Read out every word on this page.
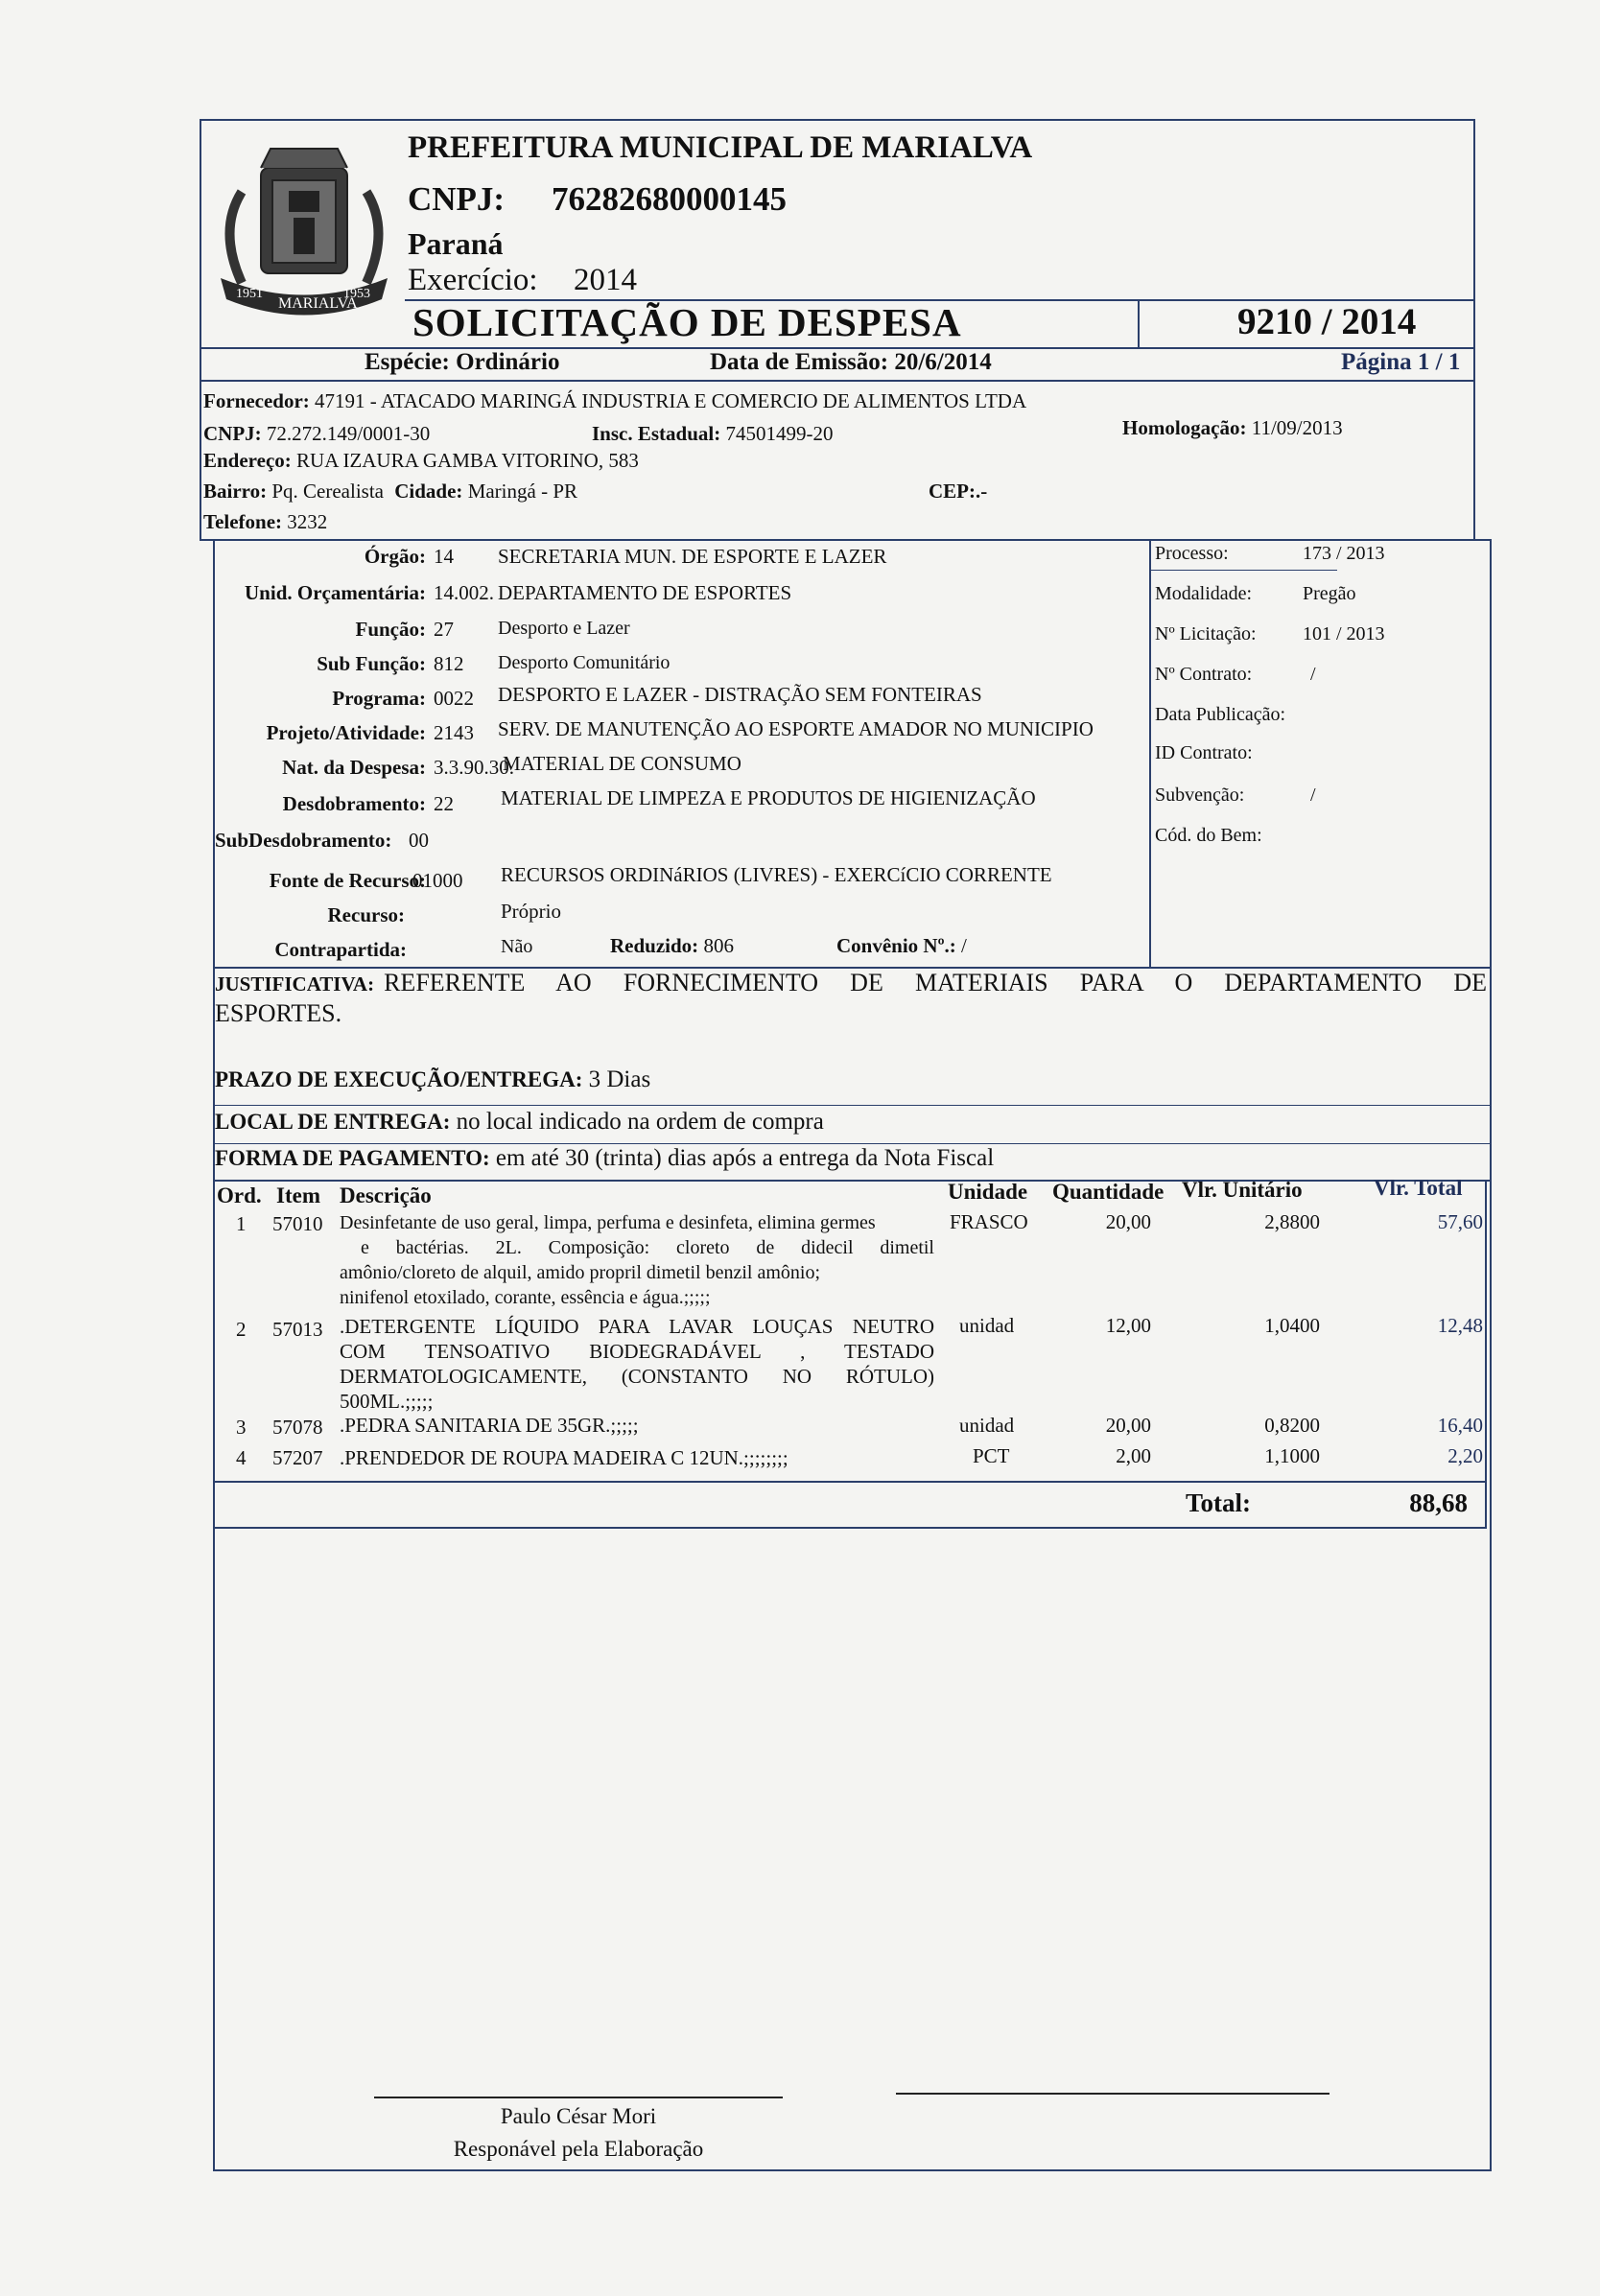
1951
MARIALVA
1953
PREFEITURA MUNICIPAL DE MARIALVA
CNPJ: 76282680000145
Paraná
Exercício: 2014
SOLICITAÇÃO DE DESPESA	9210 / 2014
Espécie: Ordinário	Data de Emissão: 20/6/2014	Página 1 / 1
Fornecedor: 47191 - ATACADO MARINGÁ INDUSTRIA E COMERCIO DE ALIMENTOS LTDA
CNPJ: 72.272.149/0001-30	Insc. Estadual: 74501499-20	Homologação: 11/09/2013
Endereço: RUA IZAURA GAMBA VITORINO, 583
Bairro: Pq. Cerealista Cidade: Maringá - PR	CEP:.-
Telefone: 3232
Órgão: 14 SECRETARIA MUN. DE ESPORTE E LAZER
Unid. Orçamentária: 14.002. DEPARTAMENTO DE ESPORTES
Função: 27 Desporto e Lazer
Sub Função: 812 Desporto Comunitário
Programa: 0022 DESPORTO E LAZER - DISTRAÇÃO SEM FONTEIRAS
Projeto/Atividade: 2143 SERV. DE MANUTENÇÃO AO ESPORTE AMADOR NO MUNICIPIO
Nat. da Despesa: 3.3.90.30.
MATERIAL DE CONSUMO
Desdobramento: 22 MATERIAL DE LIMPEZA E PRODUTOS DE HIGIENIZAÇÃO
SubDesdobramento: 00
Fonte de Recurso:
01000 RECURSOS ORDINáRIOS (LIVRES) - EXERCíCIO CORRENTE
Recurso:	Próprio
Contrapartida:	Não	Reduzido: 806	Convênio Nº.: /
Processo:	173 / 2013
Modalidade:	Pregão
Nº Licitação: 101 / 2013
Nº Contrato:	/
Data Publicação:
ID Contrato:
Subvenção:	/
Cód. do Bem:
JUSTIFICATIVA: REFERENTE AO FORNECIMENTO DE MATERIAIS PARA O DEPARTAMENTO DE
ESPORTES.
PRAZO DE EXECUÇÃO/ENTREGA: 3 Dias
LOCAL DE ENTREGA: no local indicado na ordem de compra
FORMA DE PAGAMENTO: em até 30 (trinta) dias após a entrega da Nota Fiscal
Ord. Item Descrição	Unidade Quantidade Vlr. Unitário	Vlr. Total
1 57010 Desinfetante de uso geral, limpa, perfuma e desinfeta, elimina germes
e bactérias. 2L. Composição: cloreto de didecil dimetil
amônio/cloreto de alquil, amido propril dimetil benzil amônio;
ninifenol etoxilado, corante, essência e água.;;;;;
FRASCO	20,00	2,8800	57,60
2 57013 .DETERGENTE LÍQUIDO PARA LAVAR LOUÇAS NEUTRO
COM TENSOATIVO BIODEGRADÁVEL , TESTADO
DERMATOLOGICAMENTE, (CONSTANTO NO RÓTULO)
500ML.;;;;;
unidad	12,00	1,0400	12,48
3 57078 .PEDRA SANITARIA DE 35GR.;;;;;	unidad	20,00	0,8200	16,40
4 57207 .PRENDEDOR DE ROUPA MADEIRA C 12UN.;;;;;;;;	PCT	2,00	1,1000	2,20
Total:	88,68
Paulo César Mori
Responável pela Elaboração
